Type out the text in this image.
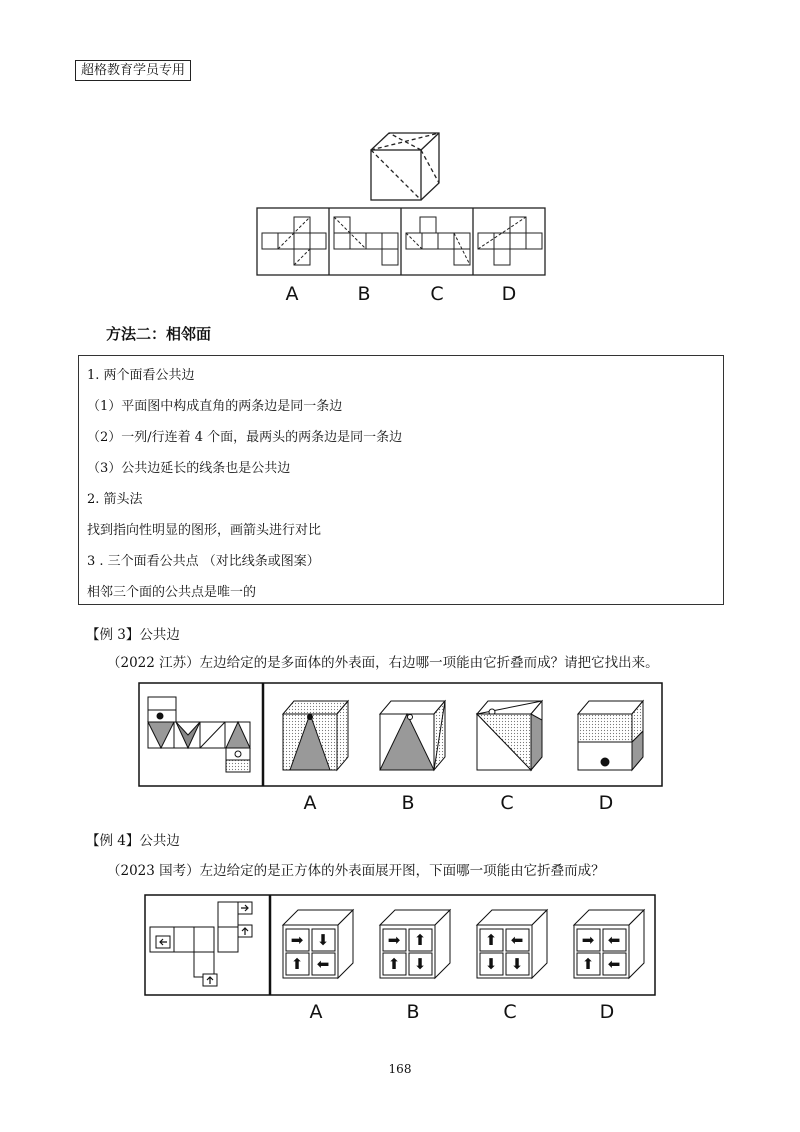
超格教育学员专用
A	B	C	D
方法二：相邻面
1. 两个面看公共边
（1）平面图中构成直角的两条边是同一条边
（2）一列/行连着 4 个面，最两头的两条边是同一条边
（3）公共边延长的线条也是公共边
2. 箭头法
找到指向性明显的图形，画箭头进行对比
3 . 三个面看公共点 （对比线条或图案）
相邻三个面的公共点是唯一的
【例 3】公共边
（2022 江苏）左边给定的是多面体的外表面，右边哪一项能由它折叠而成？请把它找出来。
A	B	C	D
【例 4】公共边
（2023 国考）左边给定的是正方体的外表面展开图，下面哪一项能由它折叠而成？
➡ ⬇
⬆ ⬅
➡ ⬆
⬆ ⬇
⬆ ⬅
⬇ ⬇
➡ ⬅
⬆ ⬅
A	B	C	D
168
